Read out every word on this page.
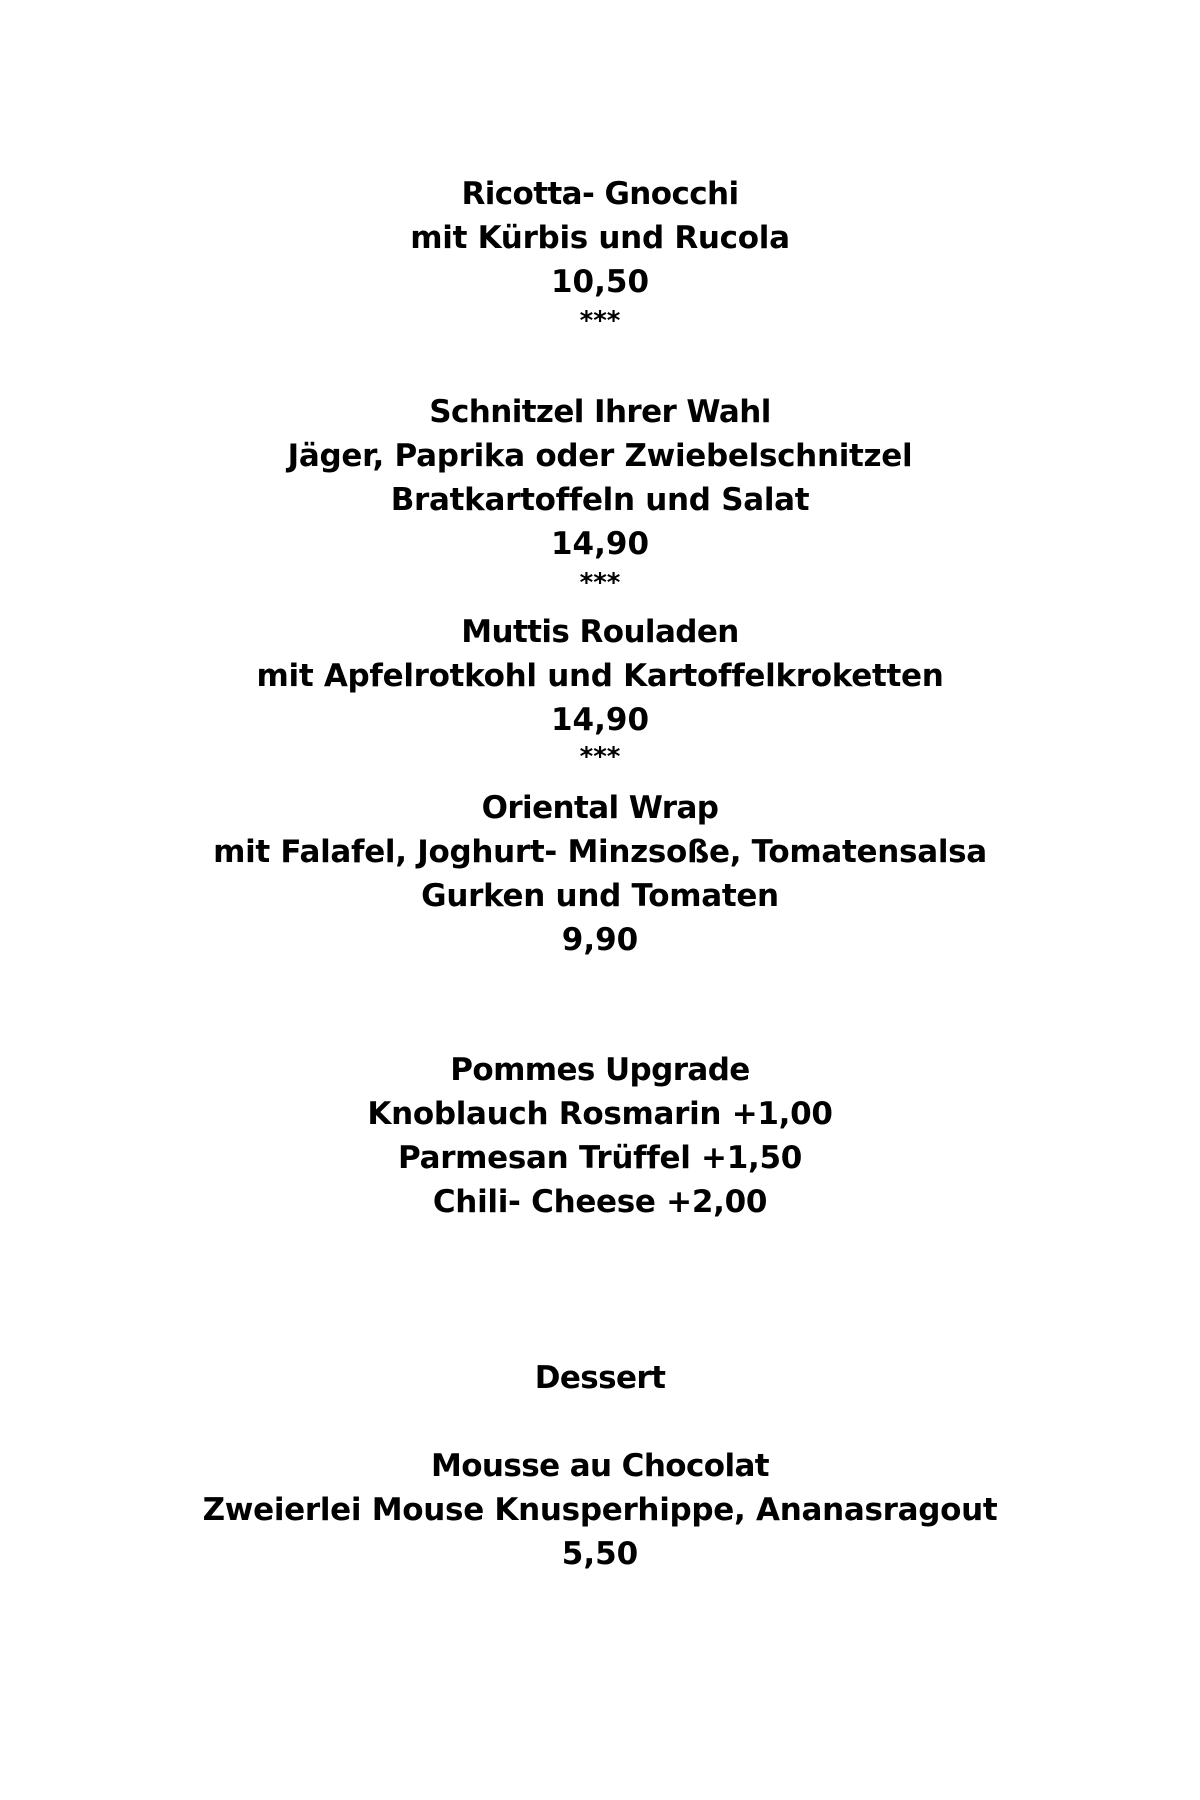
Ricotta- Gnocchi
mit Kürbis und Rucola
10,50
***
Schnitzel Ihrer Wahl
Jäger, Paprika oder Zwiebelschnitzel
Bratkartoffeln und Salat
14,90
***
Muttis Rouladen
mit Apfelrotkohl und Kartoffelkroketten
14,90
***
Oriental Wrap
mit Falafel, Joghurt- Minzsoße, Tomatensalsa
Gurken und Tomaten
9,90
Pommes Upgrade
Knoblauch Rosmarin +1,00
Parmesan Trüffel +1,50
Chili- Cheese +2,00
Dessert
Mousse au Chocolat
Zweierlei Mouse Knusperhippe, Ananasragout
5,50
